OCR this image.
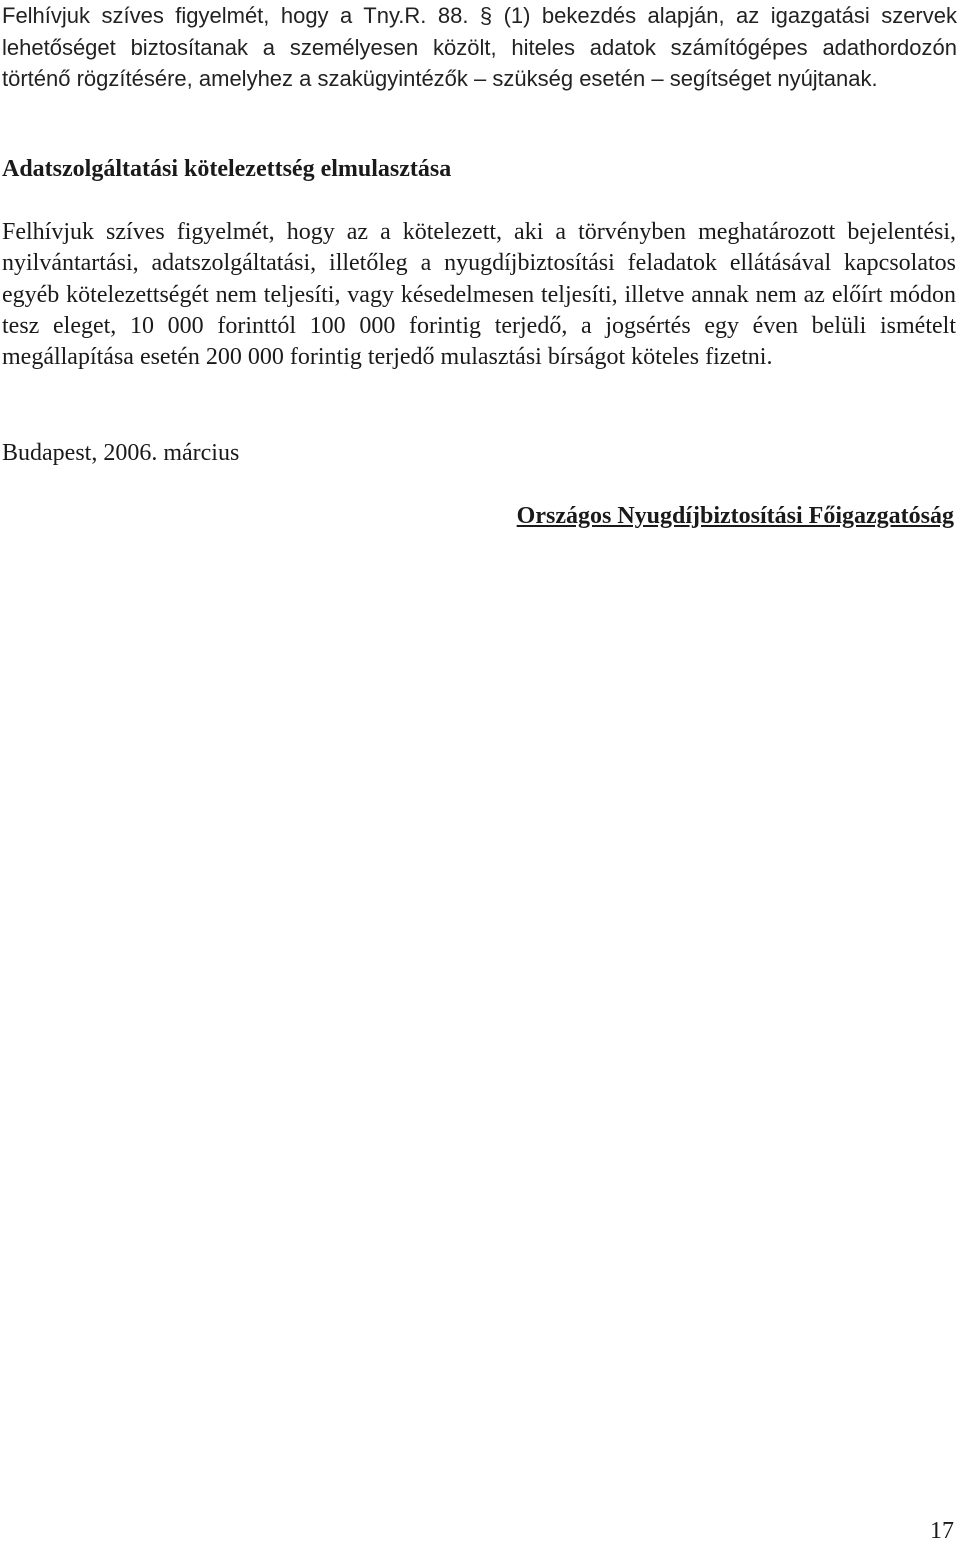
Felhívjuk szíves figyelmét, hogy a Tny.R. 88. § (1) bekezdés alapján, az igazgatási szervek lehetőséget biztosítanak a személyesen közölt, hiteles adatok számítógépes adathordozón történő rögzítésére, amelyhez a szakügyintézők – szükség esetén – segítséget nyújtanak.

Adatszolgáltatási kötelezettség elmulasztása

Felhívjuk szíves figyelmét, hogy az a kötelezett, aki a törvényben meghatározott bejelentési, nyilvántartási, adatszolgáltatási, illetőleg a nyugdíjbiztosítási feladatok ellátásával kapcsolatos egyéb kötelezettségét nem teljesíti, vagy késedelmesen teljesíti, illetve annak nem az előírt módon tesz eleget, 10 000 forinttól 100 000 forintig terjedő, a jogsértés egy éven belüli ismételt megállapítása esetén 200 000 forintig terjedő mulasztási bírságot köteles fizetni.

Budapest, 2006. március

Országos Nyugdíjbiztosítási Főigazgatóság

17
